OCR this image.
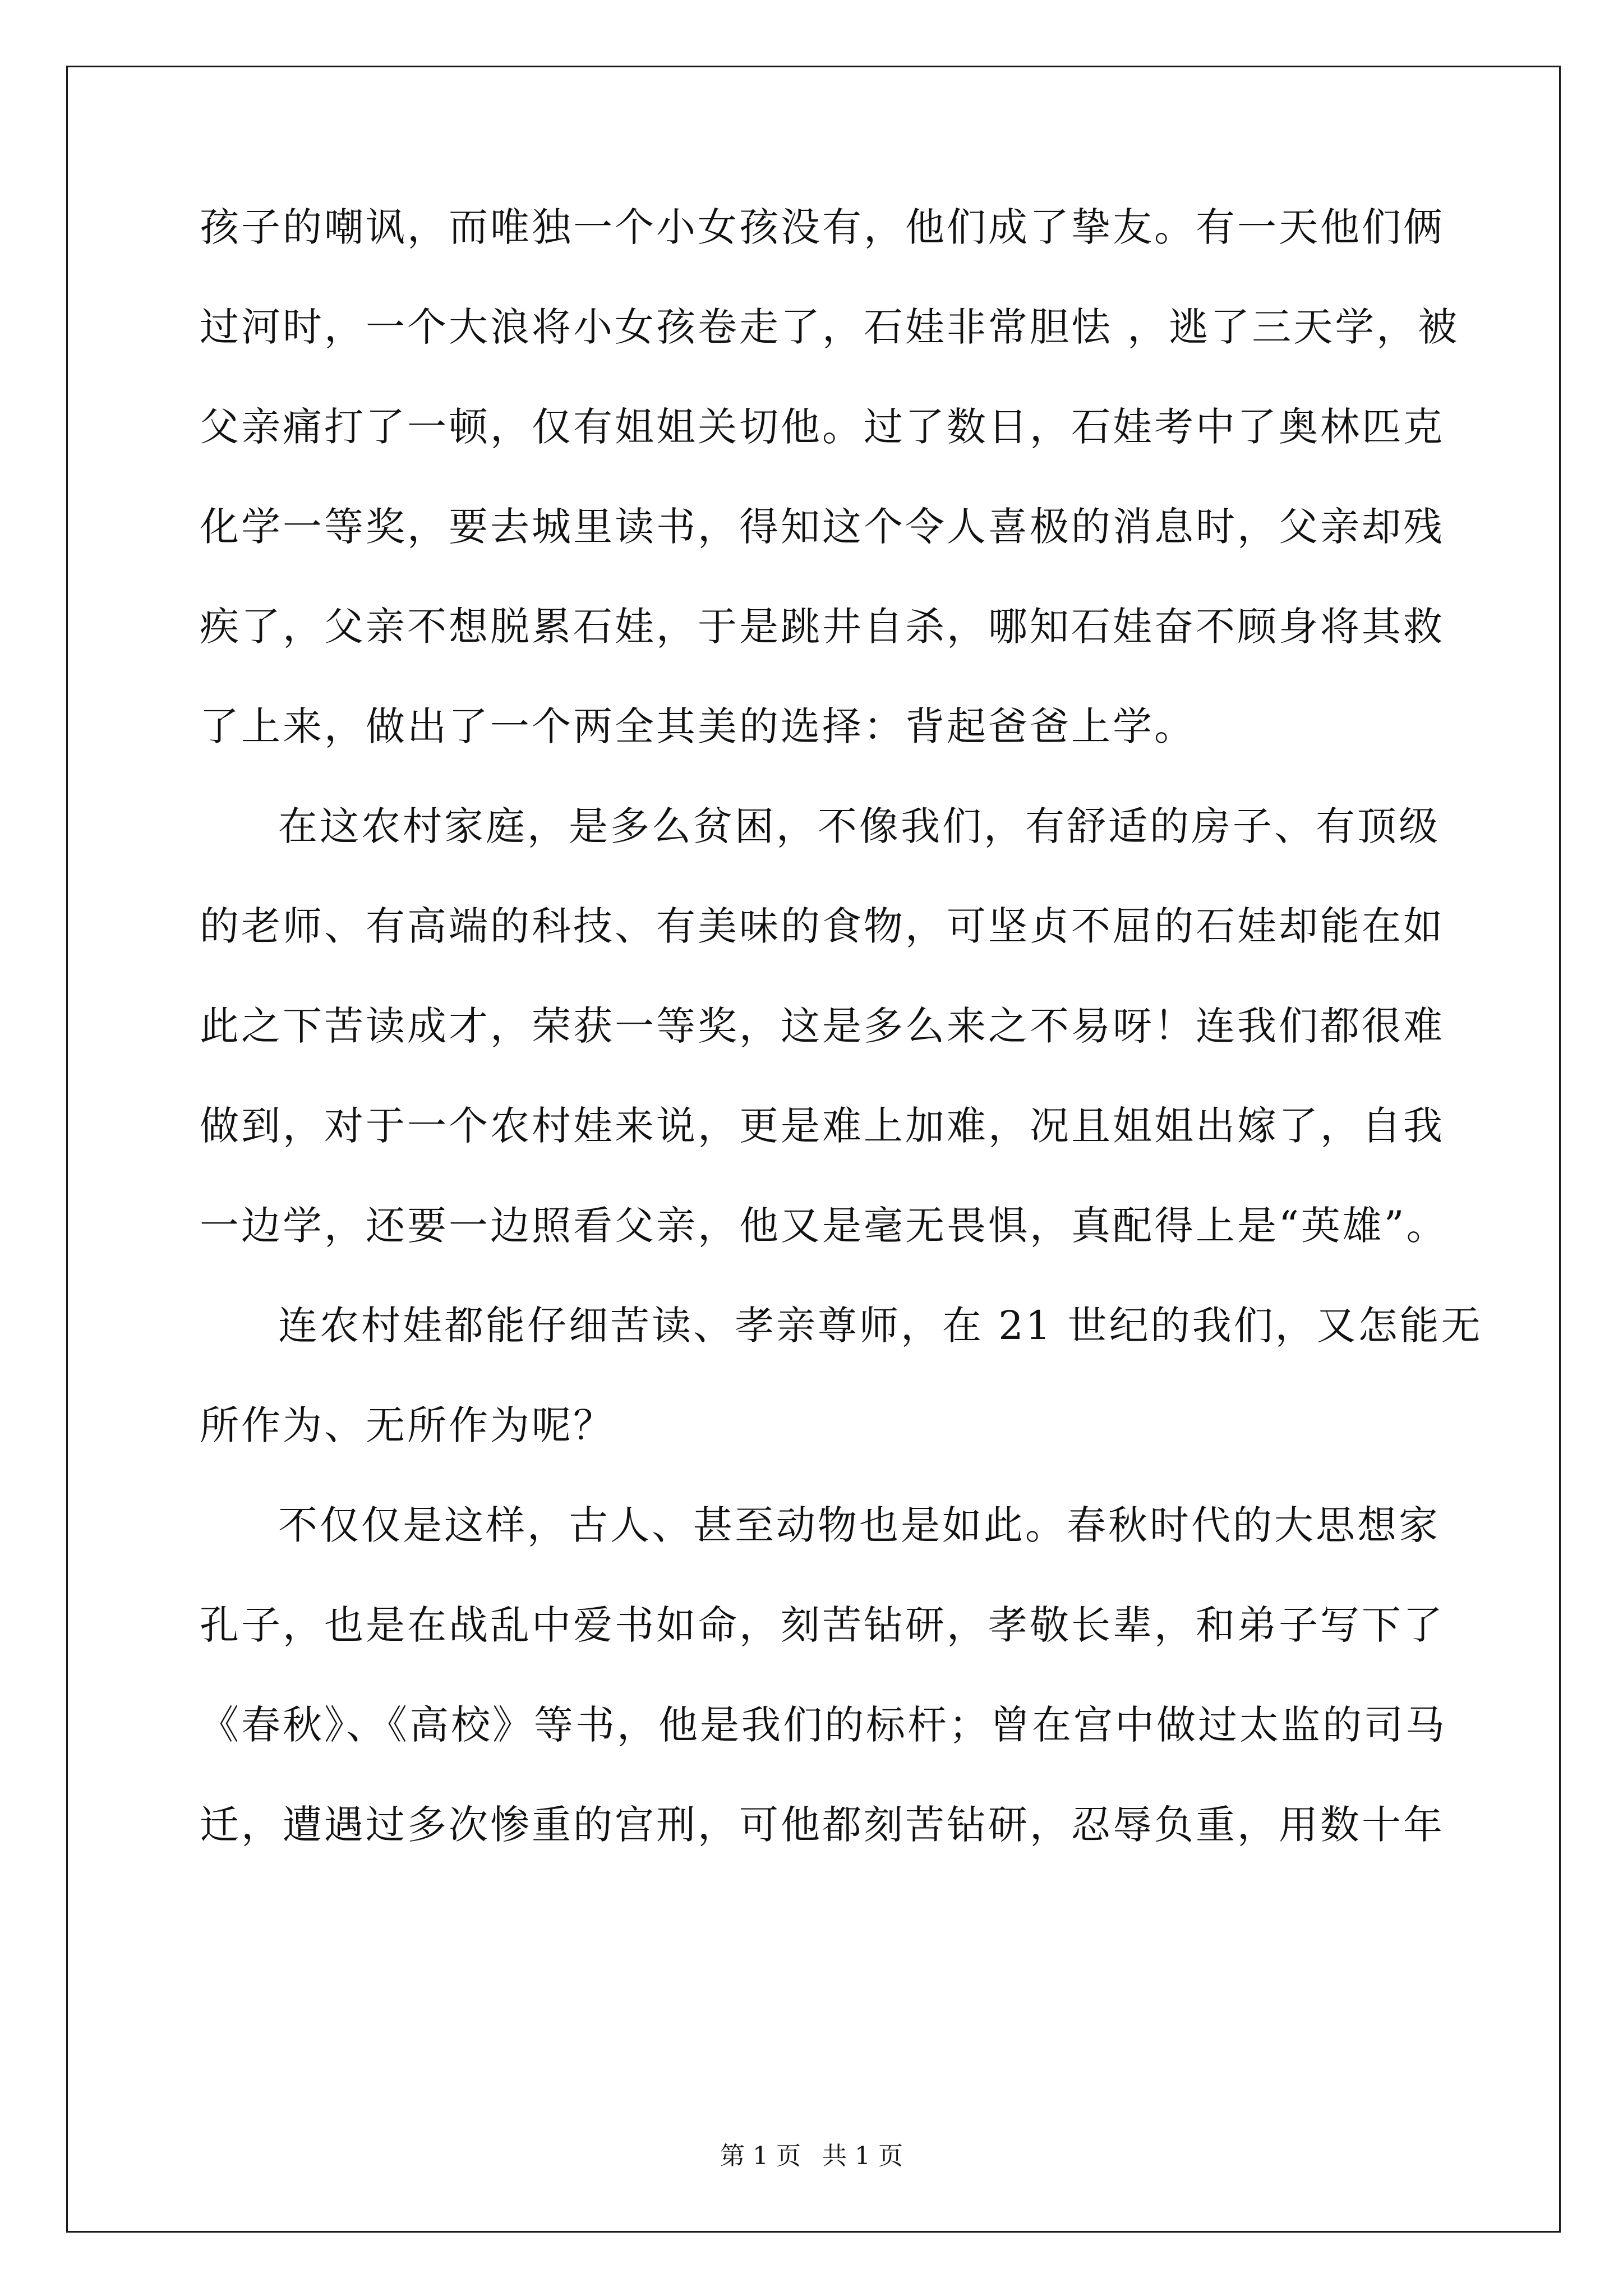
孩子的嘲讽，而唯独一个小女孩没有，他们成了挚友。有一天他们俩
过河时，一个大浪将小女孩卷走了，石娃非常胆怯 ，逃了三天学，被
父亲痛打了一顿，仅有姐姐关切他。过了数日，石娃考中了奥林匹克
化学一等奖，要去城里读书，得知这个令人喜极的消息时，父亲却残
疾了，父亲不想脱累石娃，于是跳井自杀，哪知石娃奋不顾身将其救
了上来，做出了一个两全其美的选择：背起爸爸上学。
在这农村家庭，是多么贫困，不像我们，有舒适的房子、有顶级
的老师、有高端的科技、有美味的食物，可坚贞不屈的石娃却能在如
此之下苦读成才，荣获一等奖，这是多么来之不易呀！连我们都很难
做到，对于一个农村娃来说，更是难上加难，况且姐姐出嫁了，自我
一边学，还要一边照看父亲，他又是毫无畏惧，真配得上是“英雄”。
连农村娃都能仔细苦读、孝亲尊师，在 21 世纪的我们，又怎能无
所作为、无所作为呢？
不仅仅是这样，古人、甚至动物也是如此。春秋时代的大思想家
孔子，也是在战乱中爱书如命，刻苦钻研，孝敬长辈，和弟子写下了
《春秋》、《高校》等书，他是我们的标杆；曾在宫中做过太监的司马
迁，遭遇过多次惨重的宫刑，可他都刻苦钻研，忍辱负重，用数十年
第 1 页 共 1 页
